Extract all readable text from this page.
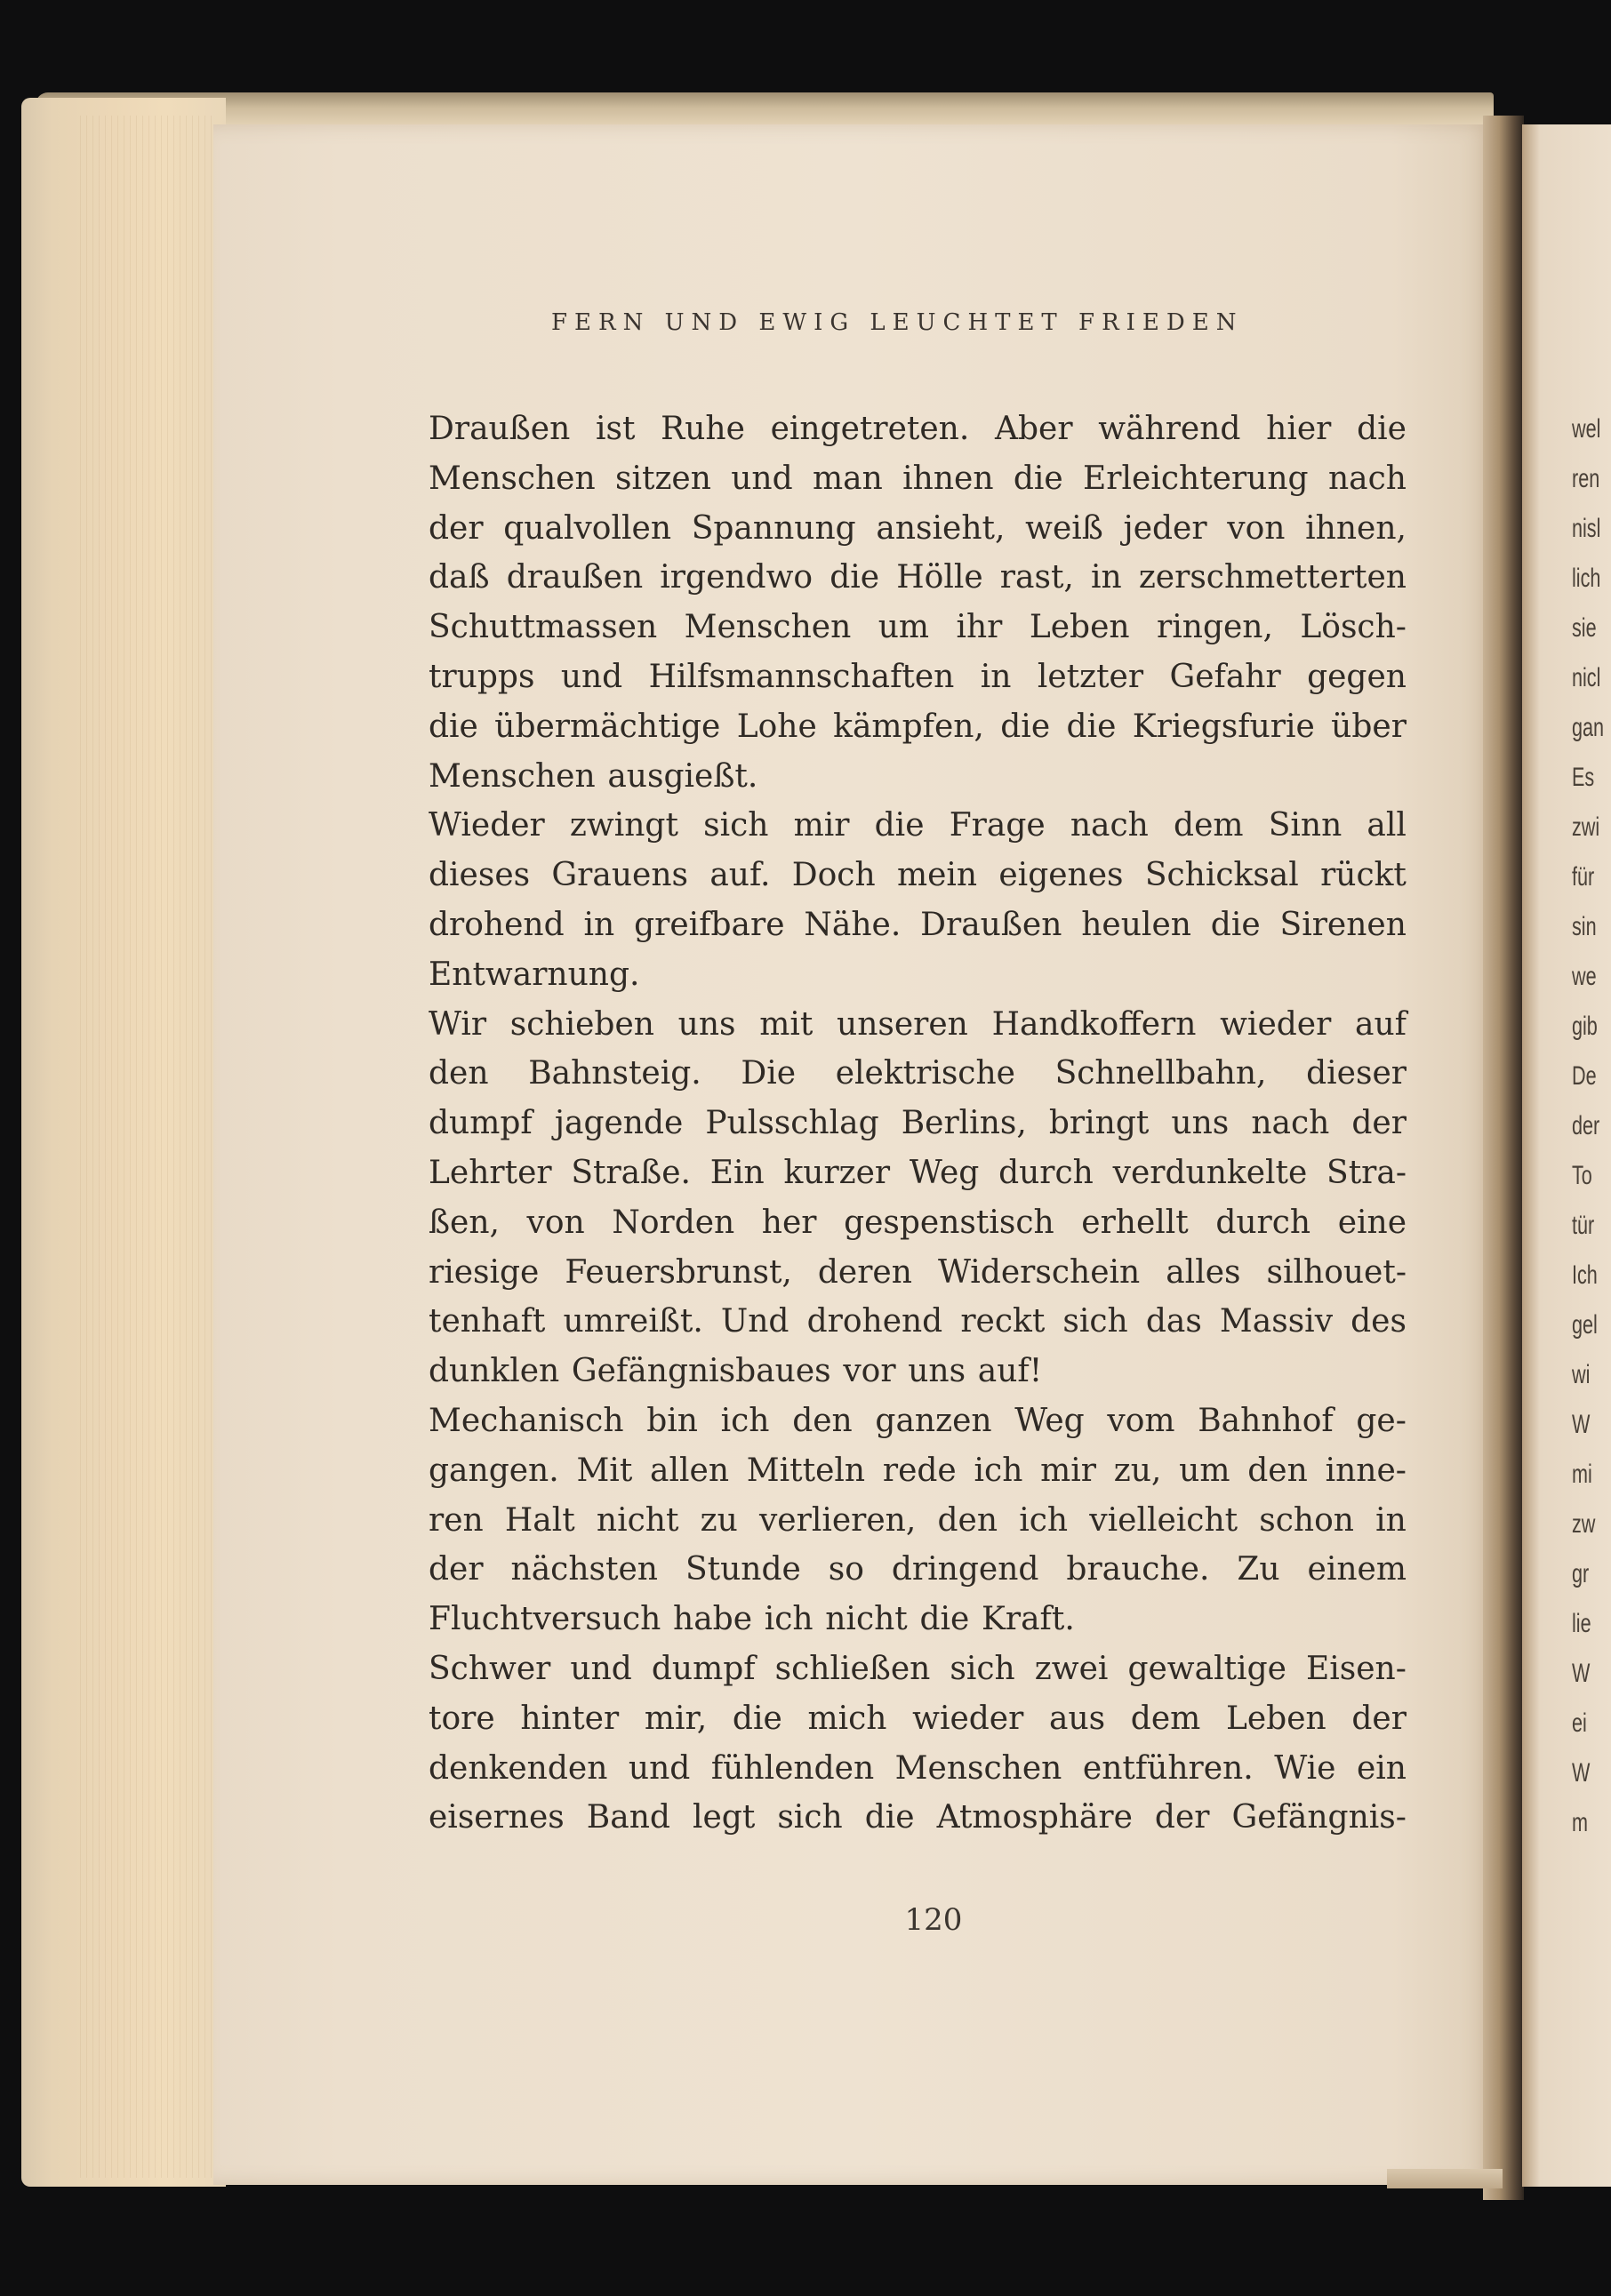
FERN UND EWIG LEUCHTET FRIEDEN
Draußen ist Ruhe eingetreten. Aber während hier die
Menschen sitzen und man ihnen die Erleichterung nach
der qualvollen Spannung ansieht, weiß jeder von ihnen,
daß draußen irgendwo die Hölle rast, in zerschmetterten
Schuttmassen Menschen um ihr Leben ringen, Lösch-
trupps und Hilfsmannschaften in letzter Gefahr gegen
die übermächtige Lohe kämpfen, die die Kriegsfurie über
Menschen ausgießt.
Wieder zwingt sich mir die Frage nach dem Sinn all
dieses Grauens auf. Doch mein eigenes Schicksal rückt
drohend in greifbare Nähe. Draußen heulen die Sirenen
Entwarnung.
Wir schieben uns mit unseren Handkoffern wieder auf
den Bahnsteig. Die elektrische Schnellbahn, dieser
dumpf jagende Pulsschlag Berlins, bringt uns nach der
Lehrter Straße. Ein kurzer Weg durch verdunkelte Stra-
ßen, von Norden her gespenstisch erhellt durch eine
riesige Feuersbrunst, deren Widerschein alles silhouet-
tenhaft umreißt. Und drohend reckt sich das Massiv des
dunklen Gefängnisbaues vor uns auf!
Mechanisch bin ich den ganzen Weg vom Bahnhof ge-
gangen. Mit allen Mitteln rede ich mir zu, um den inne-
ren Halt nicht zu verlieren, den ich vielleicht schon in
der nächsten Stunde so dringend brauche. Zu einem
Fluchtversuch habe ich nicht die Kraft.
Schwer und dumpf schließen sich zwei gewaltige Eisen-
tore hinter mir, die mich wieder aus dem Leben der
denkenden und fühlenden Menschen entführen. Wie ein
eisernes Band legt sich die Atmosphäre der Gefängnis-
120
wel
ren
nisl
lich
sie
nicl
gan
Es
zwi
für
sin
we
gib
De
der
To
tür
Ich
gel
wi
W
mi
zw
gr
lie
W
ei
W
m
